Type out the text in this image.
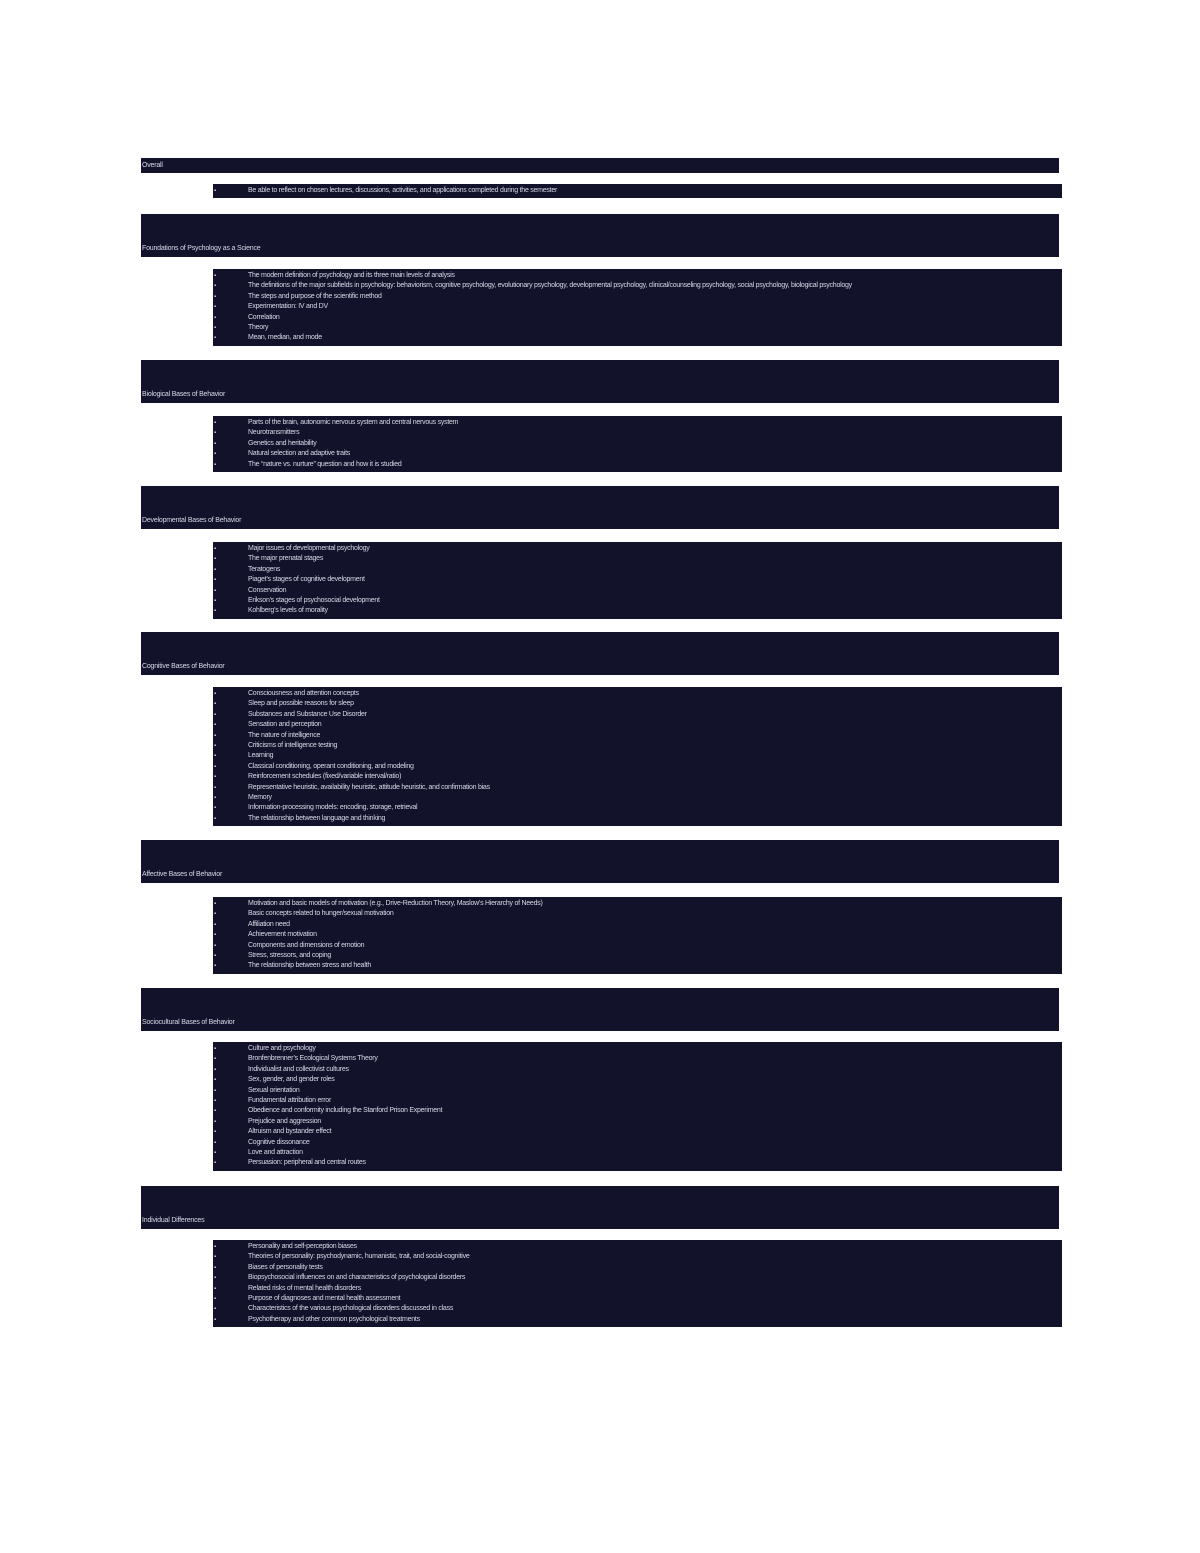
Overall
▪	Be able to reflect on chosen lectures, discussions, activities, and applications completed during the semester
Foundations of Psychology as a Science
▪	The modern definition of psychology and its three main levels of analysis
▪	The definitions of the major subfields in psychology: behaviorism, cognitive psychology, evolutionary psychology, developmental psychology, clinical/counseling psychology, social psychology, biological psychology
▪	The steps and purpose of the scientific method
▪	Experimentation: IV and DV
▪	Correlation
▪	Theory
▪	Mean, median, and mode
Biological Bases of Behavior
▪	Parts of the brain, autonomic nervous system and central nervous system
▪	Neurotransmitters
▪	Genetics and heritability
▪	Natural selection and adaptive traits
▪	The “nature vs. nurture” question and how it is studied
Developmental Bases of Behavior
▪	Major issues of developmental psychology
▪	The major prenatal stages
▪	Teratogens
▪	Piaget’s stages of cognitive development
▪	Conservation
▪	Erikson’s stages of psychosocial development
▪	Kohlberg’s levels of morality
Cognitive Bases of Behavior
▪	Consciousness and attention concepts
▪	Sleep and possible reasons for sleep
▪	Substances and Substance Use Disorder
▪	Sensation and perception
▪	The nature of intelligence
▪	Criticisms of intelligence testing
▪	Learning
▪	Classical conditioning, operant conditioning, and modeling
▪	Reinforcement schedules (fixed/variable interval/ratio)
▪	Representative heuristic, availability heuristic, attitude heuristic, and confirmation bias
▪	Memory
▪	Information-processing models: encoding, storage, retrieval
▪	The relationship between language and thinking
Affective Bases of Behavior
▪	Motivation and basic models of motivation (e.g., Drive-Reduction Theory, Maslow’s Hierarchy of Needs)
▪	Basic concepts related to hunger/sexual motivation
▪	Affiliation need
▪	Achievement motivation
▪	Components and dimensions of emotion
▪	Stress, stressors, and coping
▪	The relationship between stress and health
Sociocultural Bases of Behavior
▪	Culture and psychology
▪	Bronfenbrenner’s Ecological Systems Theory
▪	Individualist and collectivist cultures
▪	Sex, gender, and gender roles
▪	Sexual orientation
▪	Fundamental attribution error
▪	Obedience and conformity including the Stanford Prison Experiment
▪	Prejudice and aggression
▪	Altruism and bystander effect
▪	Cognitive dissonance
▪	Love and attraction
▪	Persuasion: peripheral and central routes
Individual Differences
▪	Personality and self-perception biases
▪	Theories of personality: psychodynamic, humanistic, trait, and social-cognitive
▪	Biases of personality tests
▪	Biopsychosocial influences on and characteristics of psychological disorders
▪	Related risks of mental health disorders
▪	Purpose of diagnoses and mental health assessment
▪	Characteristics of the various psychological disorders discussed in class
▪	Psychotherapy and other common psychological treatments
